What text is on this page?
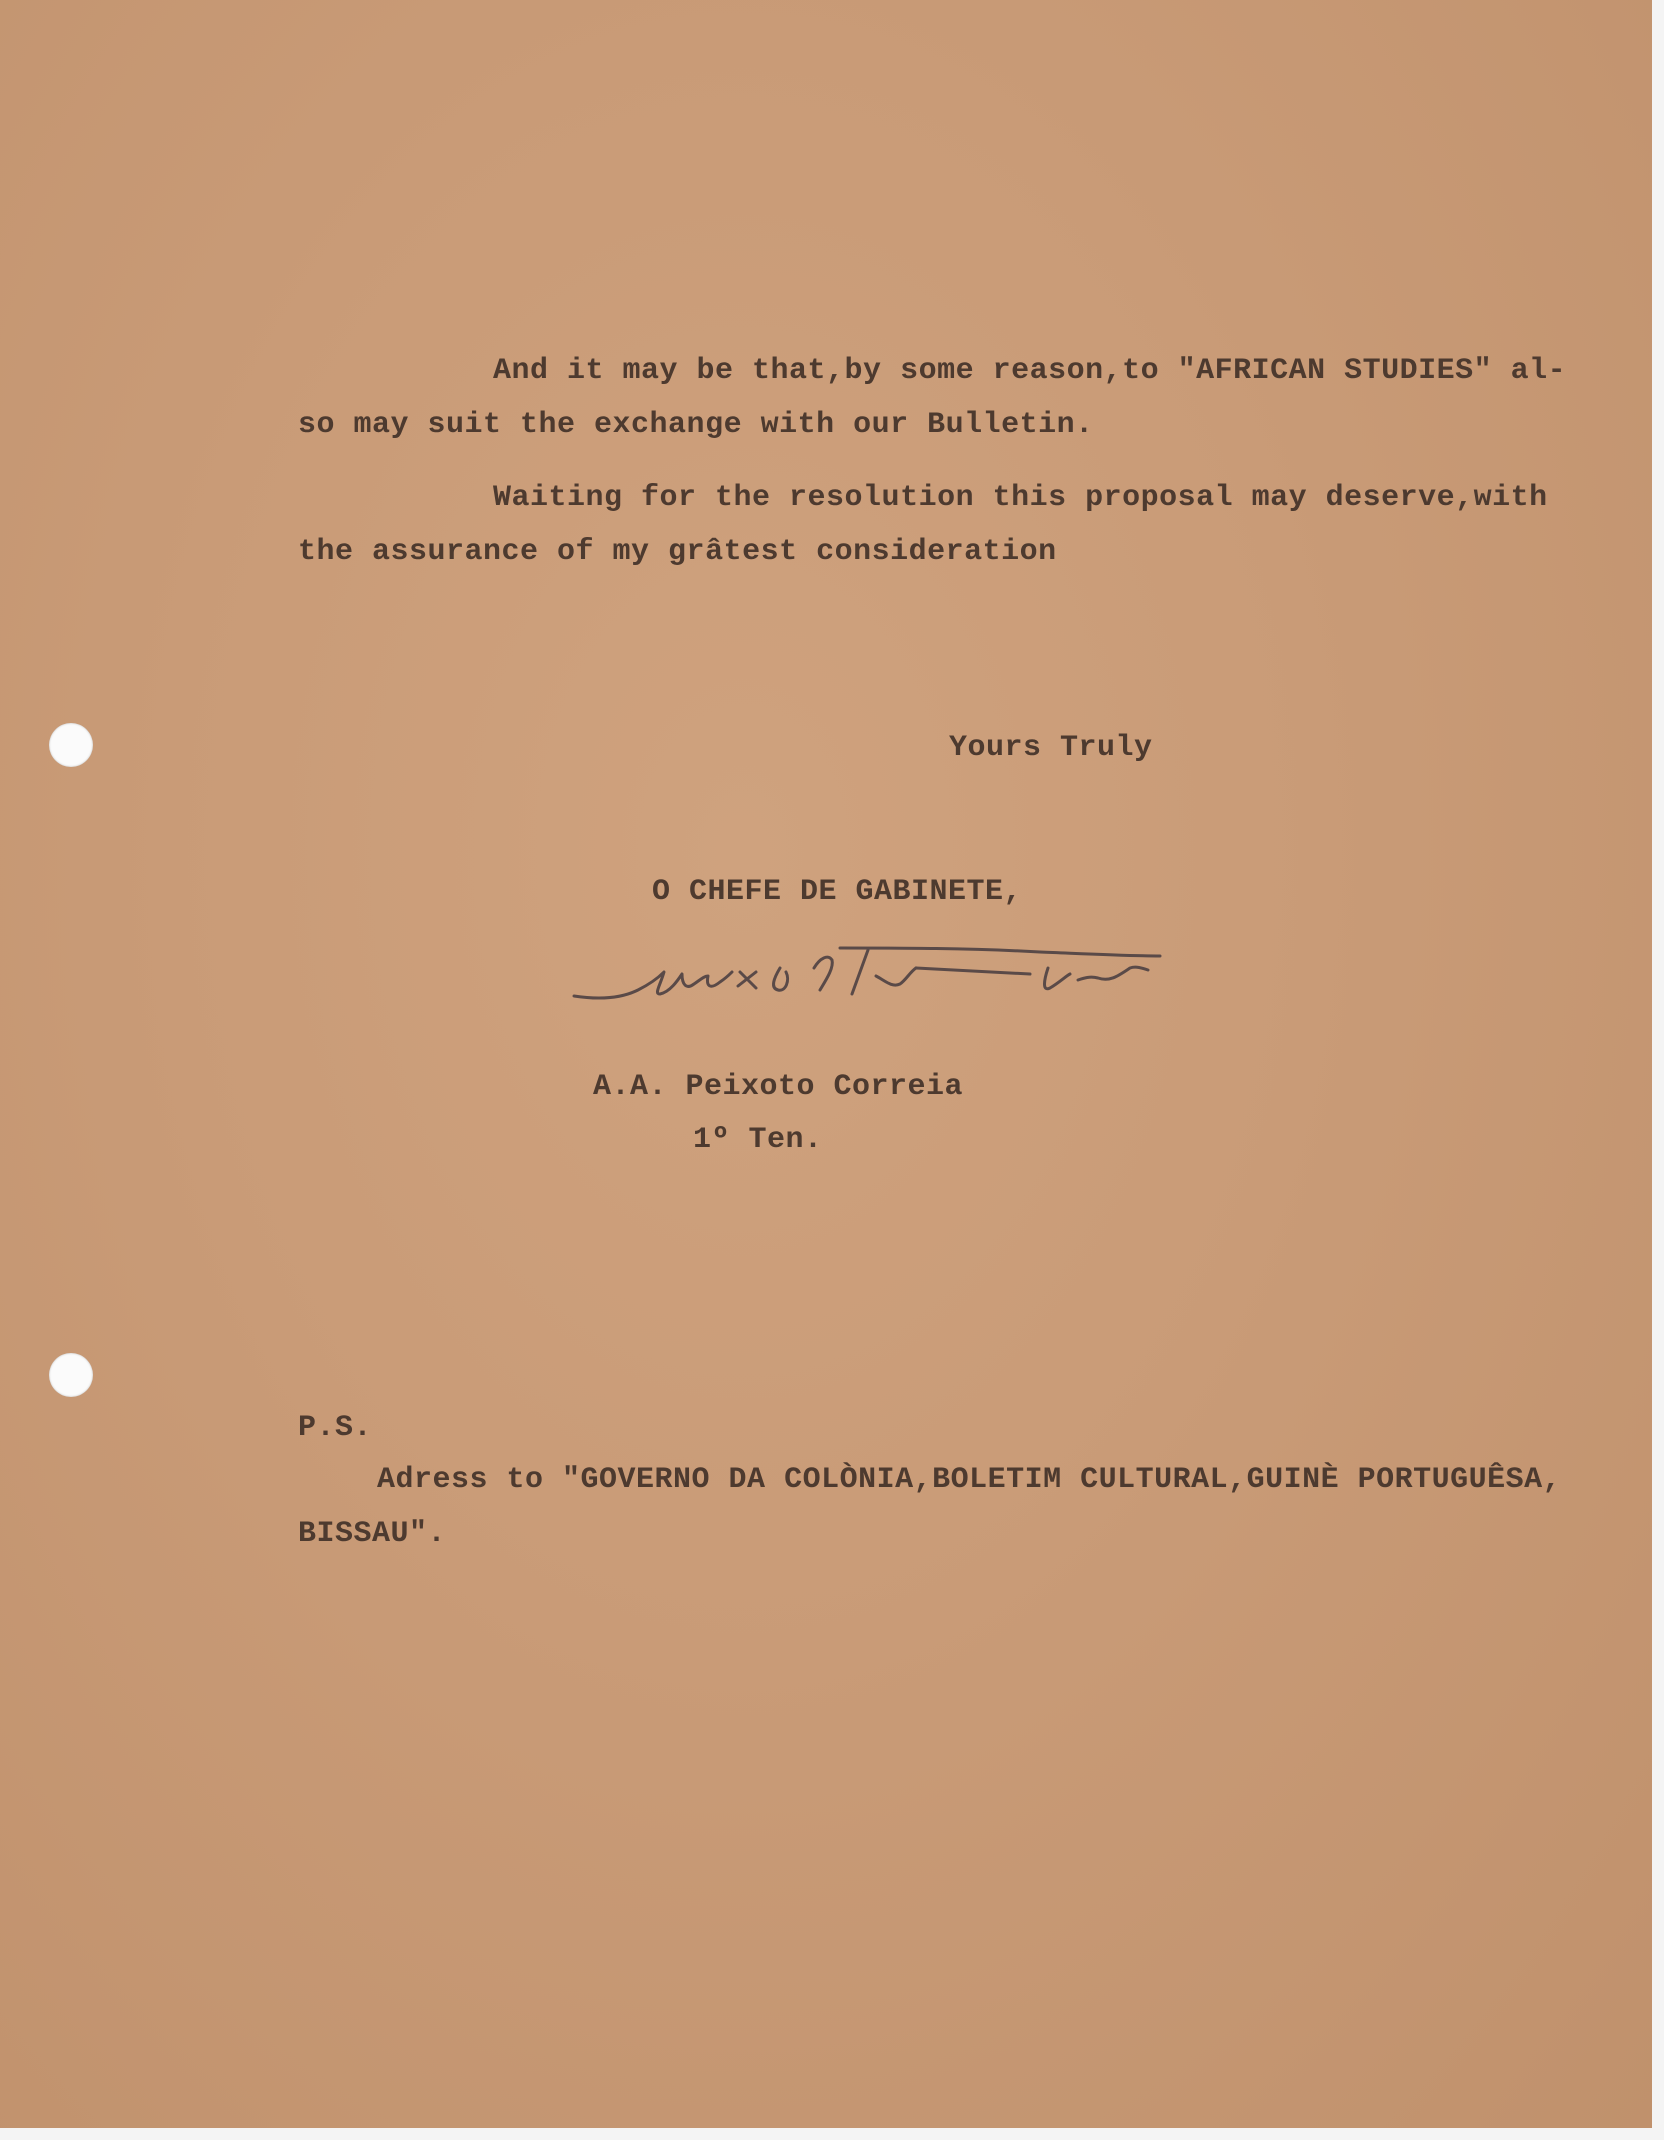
And it may be that,by some reason,to "AFRICAN STUDIES" al-
so may suit the exchange with our Bulletin.
Waiting for the resolution this proposal may deserve,with
the assurance of my grâtest consideration
Yours Truly
O CHEFE DE GABINETE,
A.A. Peixoto Correia
1º Ten.
P.S.
Adress to "GOVERNO DA COLÒNIA,BOLETIM CULTURAL,GUINÈ PORTUGUÊSA,
BISSAU".
